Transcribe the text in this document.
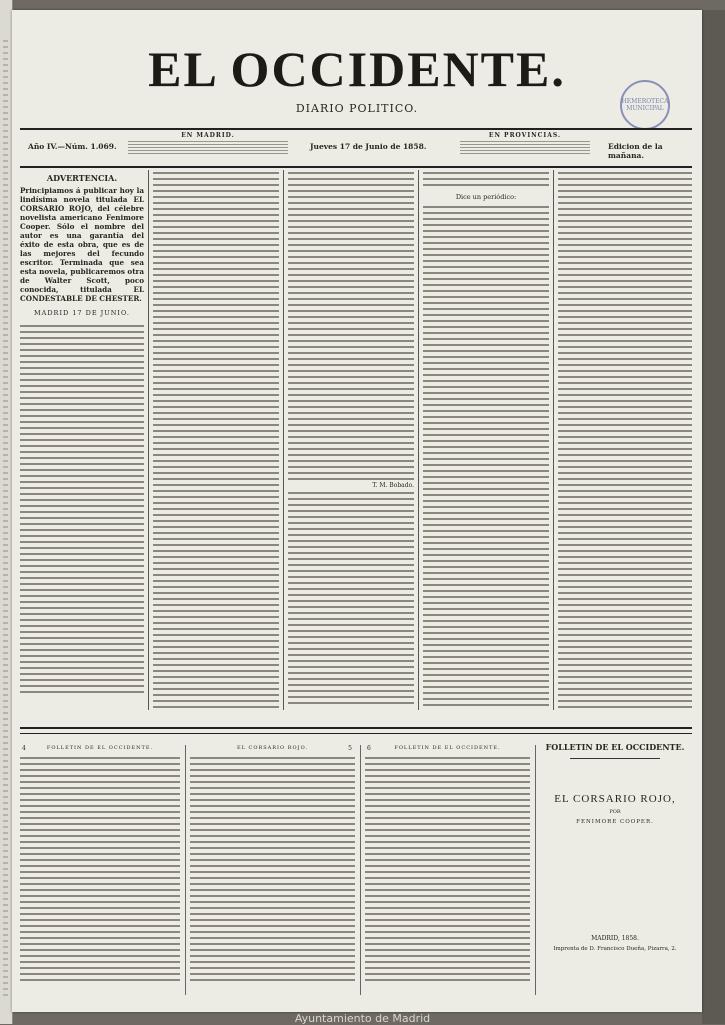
EL OCCIDENTE.
DIARIO POLITICO.
HEMEROTECA MUNICIPAL
Año IV.—Núm. 1.069.
EN MADRID.
Jueves 17 de Junio de 1858.
EN PROVINCIAS.
Edicion de la mañana.
ADVERTENCIA.
Principiamos á publicar hoy la lindísima novela titulada EL CORSARIO ROJO, del célebre novelista americano Fenimore Cooper. Sólo el nombre del autor es una garantía del éxito de esta obra, que es de las mejores del fecundo escritor. Terminada que sea esta novela, publicaremos otra de Walter Scott, poco conocida, titulada EL CONDESTABLE DE CHESTER.
MADRID 17 DE JUNIO.
T. M. Bobado.
Dice un periódico:
4	FOLLETIN DE EL OCCIDENTE.	EL CORSARIO ROJO.	5 6	FOLLETIN DE EL OCCIDENTE.	FOLLETIN DE EL OCCIDENTE.
EL CORSARIO ROJO,
POR
FENIMORE COOPER.
MADRID, 1858.
Imprenta de D. Francisco Dueña, Pizarra, 2.
Ayuntamiento de Madrid
